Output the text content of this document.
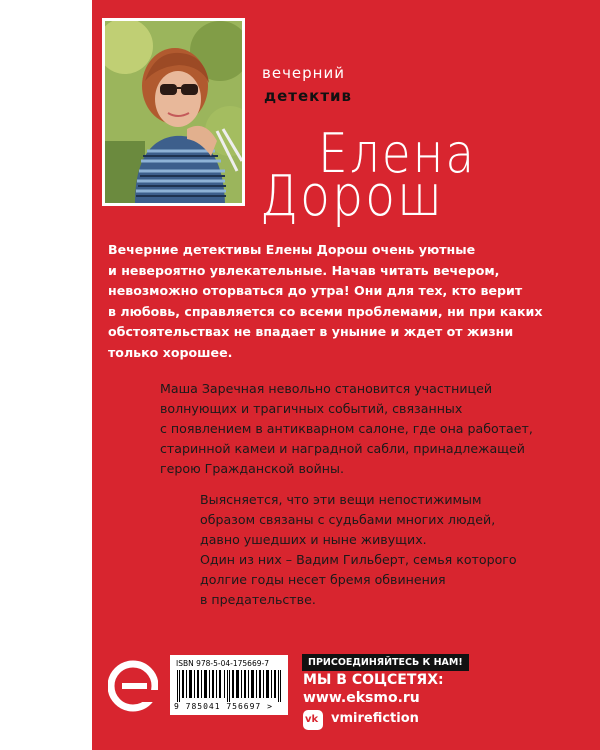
вечерний
детектив
Елена
Дорош
Вечерние детективы Елены Дорош очень уютные
и невероятно увлекательные. Начав читать вечером,
невозможно оторваться до утра! Они для тех, кто верит
в любовь, справляется со всеми проблемами, ни при каких
обстоятельствах не впадает в уныние и ждет от жизни
только хорошее.
Маша Заречная невольно становится участницей
волнующих и трагичных событий, связанных
с появлением в антикварном салоне, где она работает,
старинной камеи и наградной сабли, принадлежащей
герою Гражданской войны.
Выясняется, что эти вещи непостижимым
образом связаны с судьбами многих людей,
давно ушедших и ныне живущих.
Один из них – Вадим Гильберт, семья которого
долгие годы несет бремя обвинения
в предательстве.
ISBN 978-5-04-175669-7
9 785041 756697 >
ПРИСОЕДИНЯЙТЕСЬ К НАМ!
МЫ В СОЦСЕТЯХ:
www.eksmo.ru
vk vmirefiction
